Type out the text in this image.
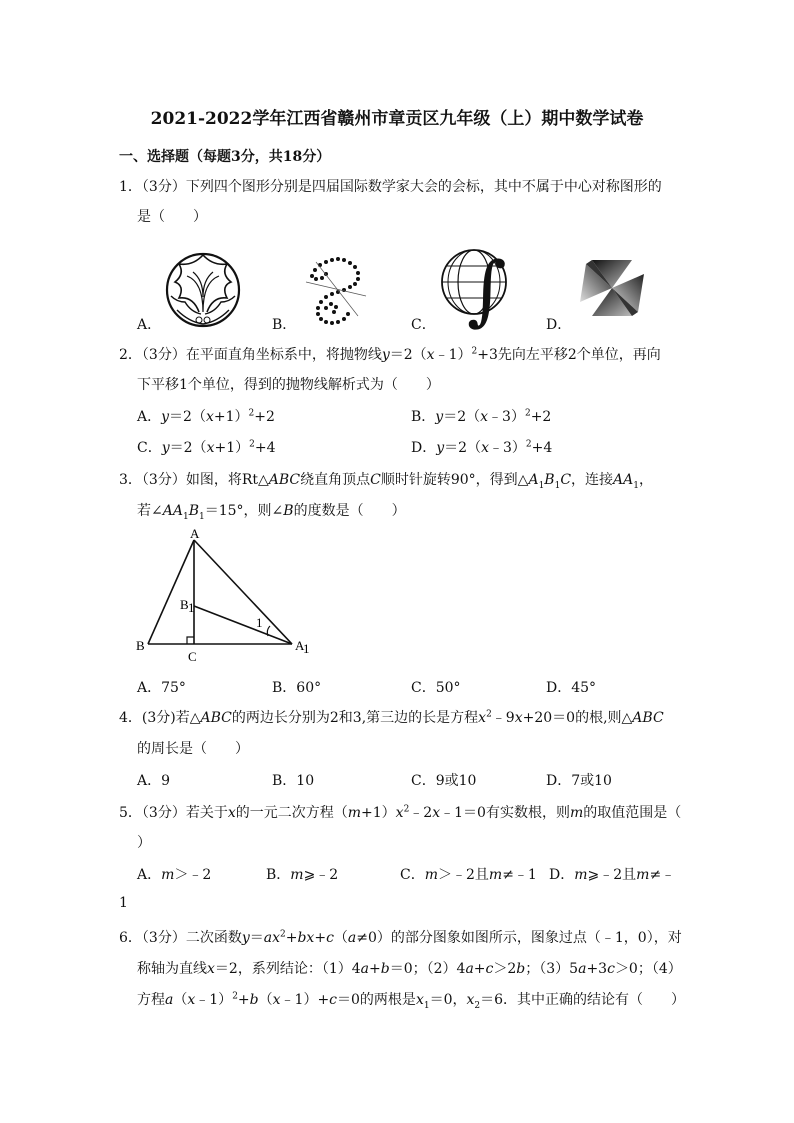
2021-2022学年江西省赣州市章贡区九年级（上）期中数学试卷
一、选择题（每题3分，共18分）
1．（3分）下列四个图形分别是四届国际数学家大会的会标，其中不属于中心对称图形的
是（　　）
A．	B． ∫
C．	D．
2．（3分）在平面直角坐标系中，将抛物线y＝2（x﹣1）$^2$+3先向左平移2个单位，再向
下平移1个单位，得到的抛物线解析式为（　　）
A．$y=2(x+1)^2+2$	B．y＝2（x﹣3）$^2$+2
C．$y=2(x+1)^2+4$	D．y＝2（x﹣3）$^2$+4
3．（3分）如图，将Rt△ABC绕直角顶点C顺时针旋转90°，得到$\triangle A_1B_1C$，连接$AA_1$，
若$\angle AA_1B_1=15^\circ$，则∠B的度数是（　　）
A
B
C
B 1
A
1
1
A．75°	B．60°	C．50°	D．45°
4．(3分)若△ABC的两边长分别为2和3,第三边的长是方程$x^2﹣9x+20=0$的根,则△ABC
的周长是（　　）
A．9	B．10	C．9或10	D．7或10
5．（3分）若关于x的一元二次方程$(m+1)x^2﹣2x﹣1=0$有实数根，则m的取值范围是（
）
A．m＞﹣2	B．m⩾﹣2	C．m＞﹣2且m≠﹣1 D．m⩾﹣2且m≠﹣
1
6．（3分）二次函数$y=ax^2+bx+c(a\ne 0)$的部分图象如图所示，图象过点（﹣1，0），对
称轴为直线x＝2，系列结论：（1）4a+b＝0；（2）4a+c＞2b；（3）5a+3c＞0；（4）
方程a（x﹣1）$^2$+b（x﹣1）+c＝0的两根是$x_1=0$，$x_2=6$．其中正确的结论有（　　）
